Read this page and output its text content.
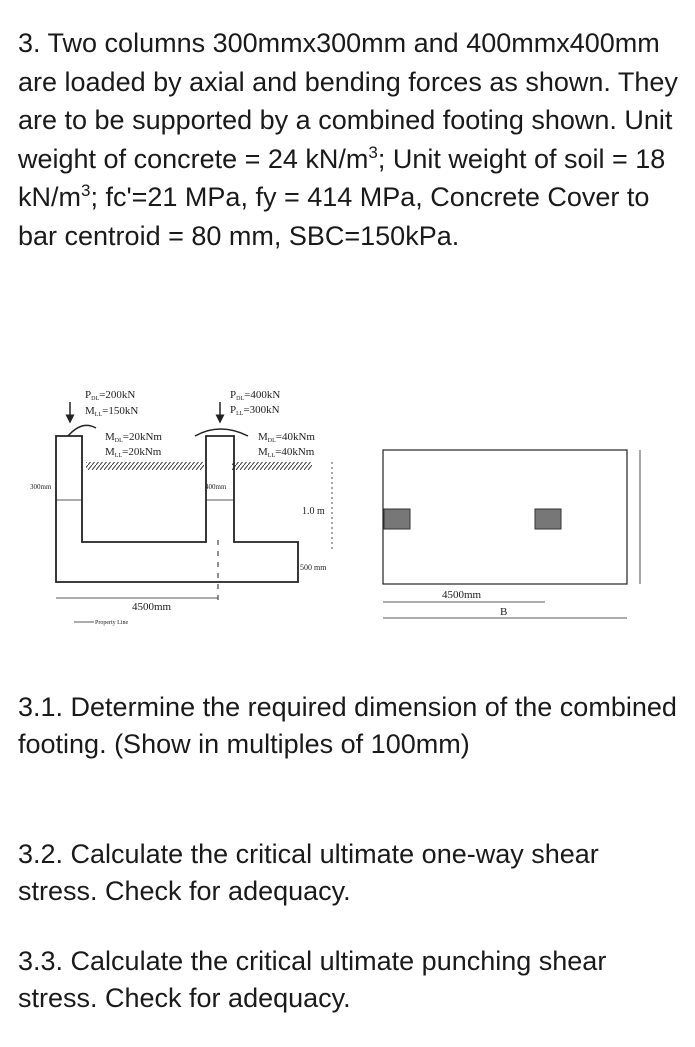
3. Two columns 300mmx300mm and 400mmx400mm are loaded by axial and bending forces as shown. They are to be supported by a combined footing shown. Unit weight of concrete = 24 $kN/m^3$; Unit weight of soil = 18 $kN/m^3$; fc'=21 MPa, fy = 414 MPa, Concrete Cover to bar centroid = 80 mm, SBC=150kPa.

PDL=200kN
MLL=150kN
MDL=20kNm
MLL=20kNm
PDL=400kN
PLL=300kN
MDL=40kNm
MLL=40kNm
300mm	400mm
1.0 m
500 mm
4500mm
Property Line
4500mm
B

3.1. Determine the required dimension of the combined footing. (Show in multiples of 100mm)

3.2. Calculate the critical ultimate one-way shear stress. Check for adequacy.

3.3. Calculate the critical ultimate punching shear stress. Check for adequacy.
